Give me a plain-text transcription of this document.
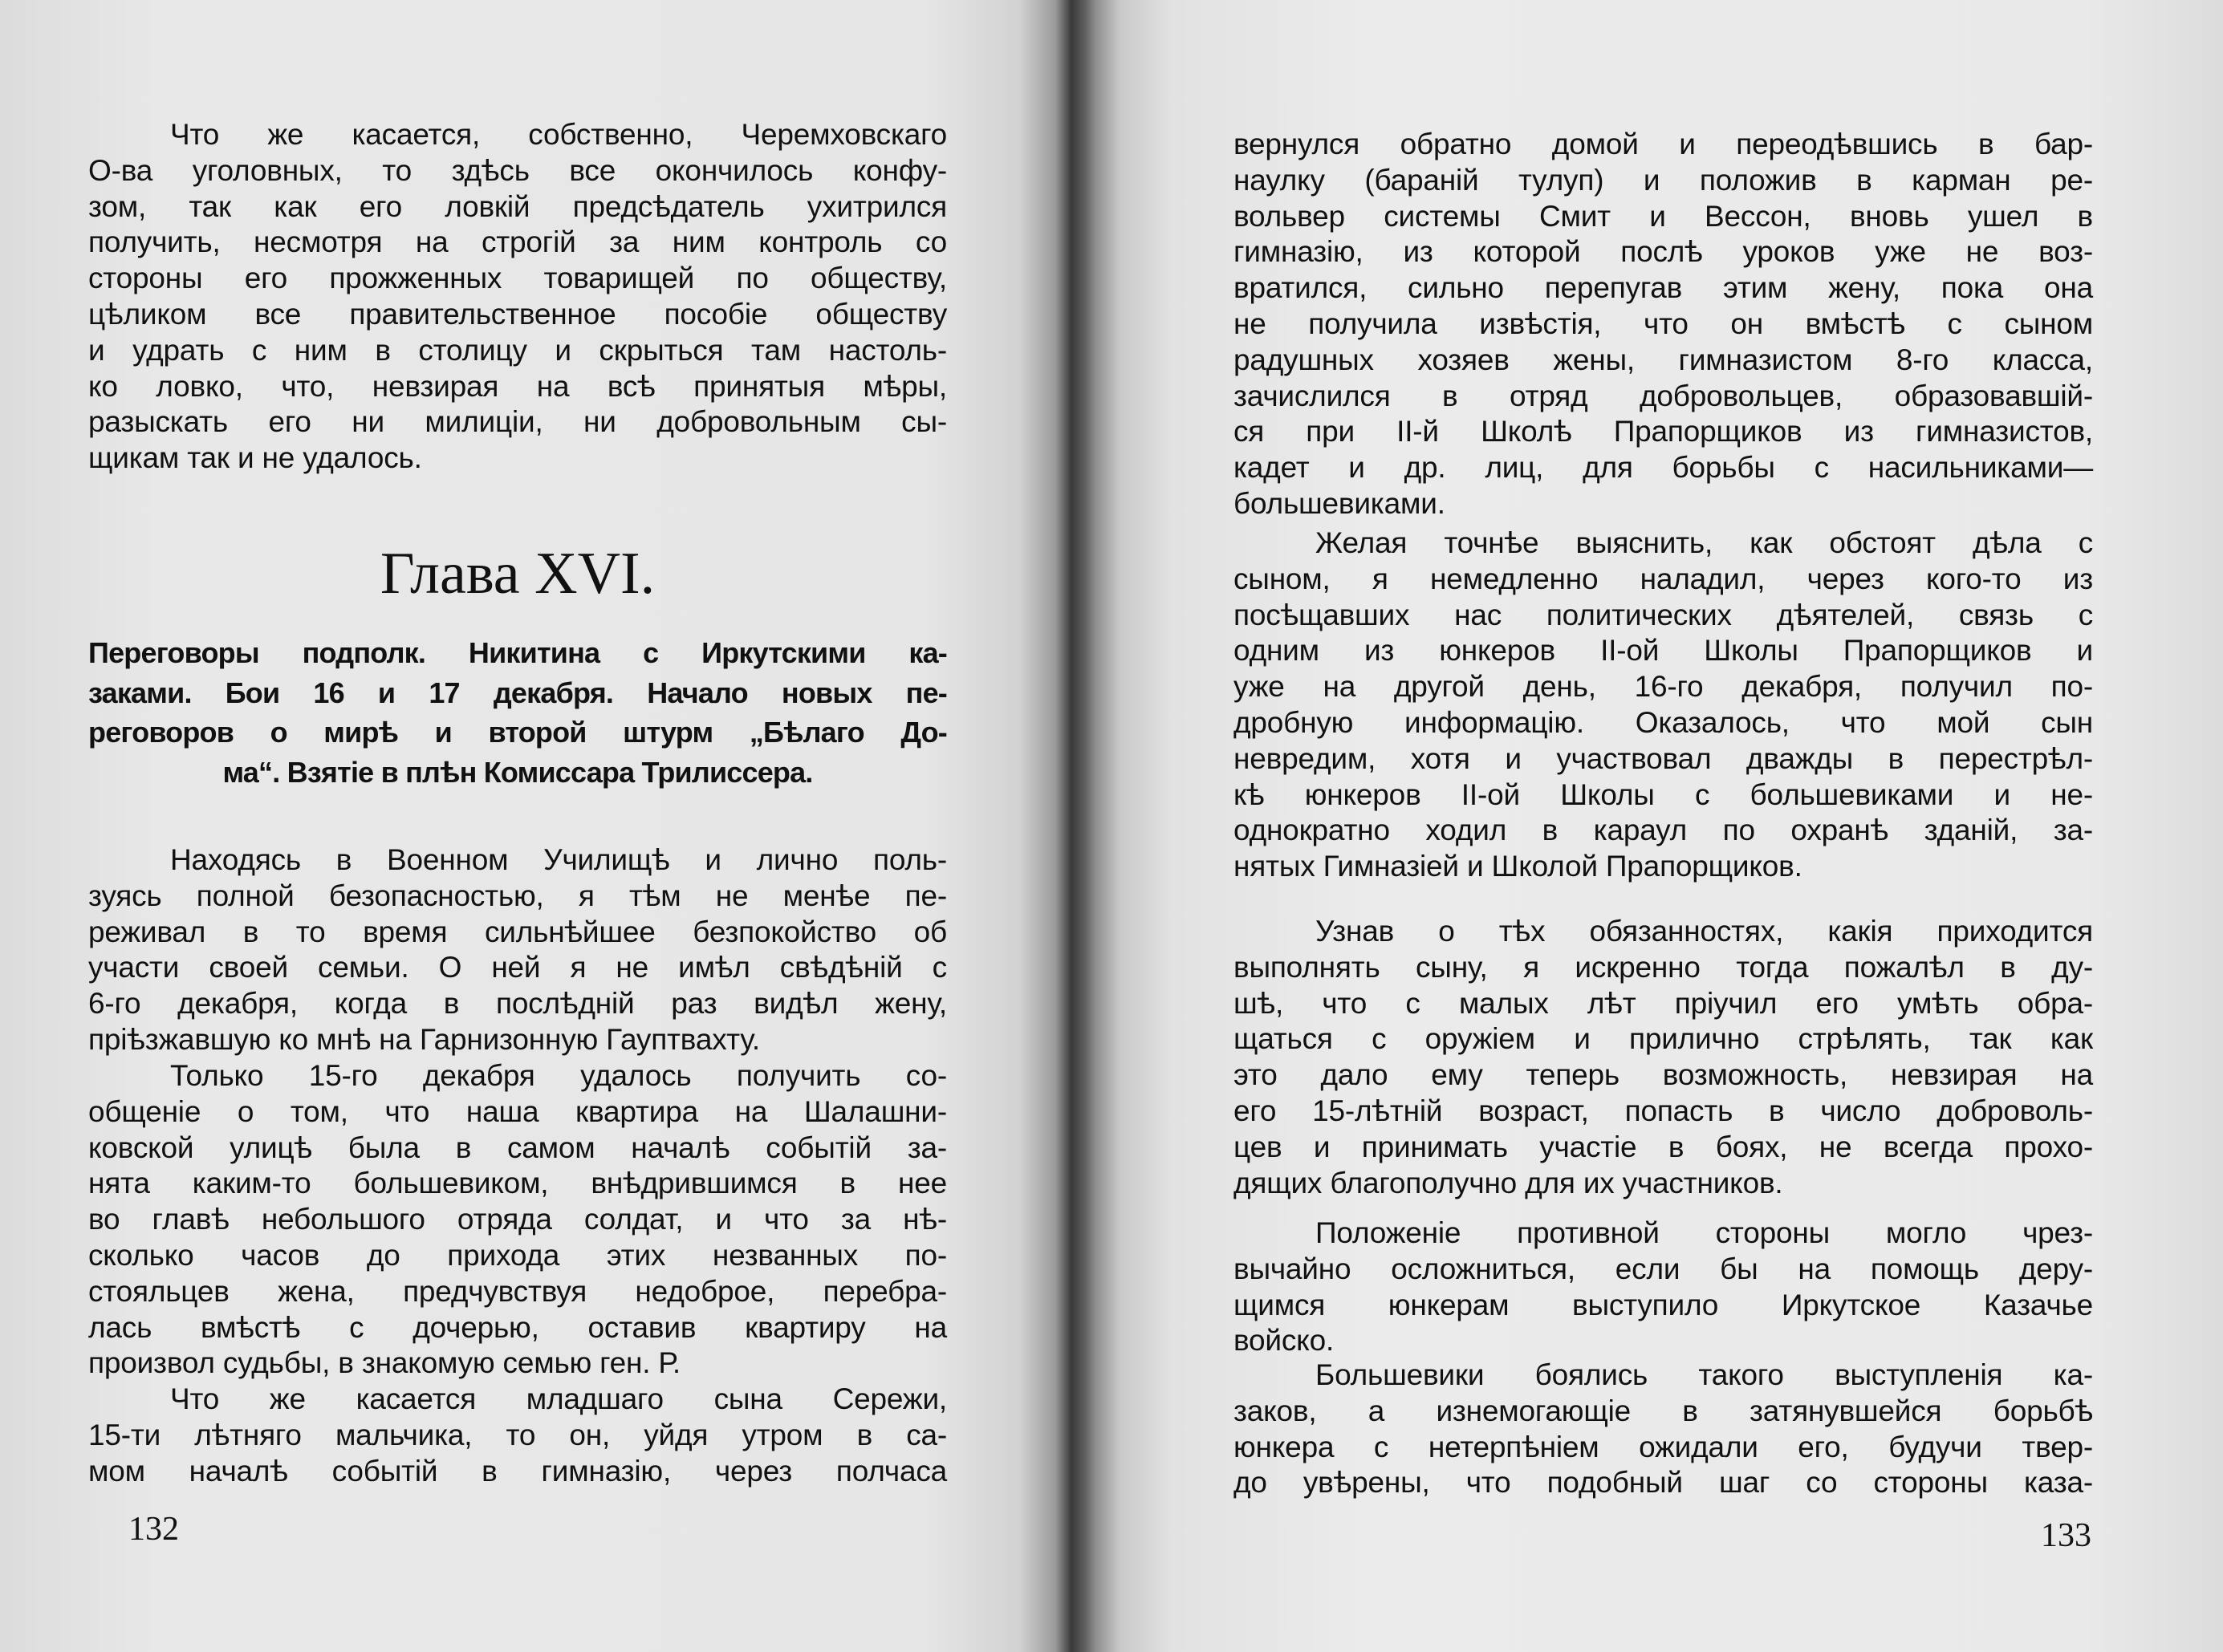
Глава XVI.
Переговоры подполк. Никитина с Иркутскими ка-
заками. Бои 16 и 17 декабря. Начало новых пе-
реговоров о мирѣ и второй штурм „Бѣлаго До-
ма“. Взятiе в плѣн Комиссара Трилиссера.
132	133
Что же касается, собственно, Черемховскаго
О-ва уголовных, то здѣсь все окончилось конфу-
зом, так как его ловкiй предсѣдатель ухитрился
получить, несмотря на строгiй за ним контроль со
стороны его прожженных товарищей по обществу,
цѣликом все правительственное пособiе обществу
и удрать с ним в столицу и скрыться там настоль-
ко ловко, что, невзирая на всѣ принятыя мѣры,
разыскать его ни милицiи, ни добровольным сы-
щикам так и не удалось.
Находясь в Военном Училищѣ и лично поль-
зуясь полной безопасностью, я тѣм не менѣе пе-
реживал в то время сильнѣйшее безпокойство об
участи своей семьи. О ней я не имѣл свѣдѣнiй с
6-го декабря, когда в послѣднiй раз видѣл жену,
прiѣзжавшую ко мнѣ на Гарнизонную Гауптвахту.
Только 15-го декабря удалось получить со-
общенiе о том, что наша квартира на Шалашни-
ковской улицѣ была в самом началѣ событiй за-
нята каким-то большевиком, внѣдрившимся в нее
во главѣ небольшого отряда солдат, и что за нѣ-
сколько часов до прихода этих незванных по-
стояльцев жена, предчувствуя недоброе, перебра-
лась вмѣстѣ с дочерью, оставив квартиру на
произвол судьбы, в знакомую семью ген. Р.
Что же касается младшаго сына Сережи,
15-ти лѣтняго мальчика, то он, уйдя утром в са-
мом началѣ событiй в гимназiю, через полчаса
вернулся обратно домой и переодѣвшись в бар-
наулку (баранiй тулуп) и положив в карман ре-
вольвер системы Смит и Вессон, вновь ушел в
гимназiю, из которой послѣ уроков уже не воз-
вратился, сильно перепугав этим жену, пока она
не получила извѣстiя, что он вмѣстѣ с сыном
радушных хозяев жены, гимназистом 8-го класса,
зачислился в отряд добровольцев, образовавшiй-
ся при II-й Школѣ Прапорщиков из гимназистов,
кадет и др. лиц, для борьбы с насильниками—
большевиками.
Желая точнѣе выяснить, как обстоят дѣла с
сыном, я немедленно наладил, через кого-то из
посѣщавших нас политических дѣятелей, связь с
одним из юнкеров II-ой Школы Прапорщиков и
уже на другой день, 16-го декабря, получил по-
дробную информацiю. Оказалось, что мой сын
невредим, хотя и участвовал дважды в перестрѣл-
кѣ юнкеров II-ой Школы с большевиками и не-
однократно ходил в караул по охранѣ зданiй, за-
нятых Гимназiей и Школой Прапорщиков.
Узнав о тѣх обязанностях, какiя приходится
выполнять сыну, я искренно тогда пожалѣл в ду-
шѣ, что с малых лѣт прiучил его умѣть обра-
щаться с оружiем и прилично стрѣлять, так как
это дало ему теперь возможность, невзирая на
его 15-лѣтнiй возраст, попасть в число доброволь-
цев и принимать участiе в боях, не всегда прохо-
дящих благополучно для их участников.
Положенiе противной стороны могло чрез-
вычайно осложниться, если бы на помощь деру-
щимся юнкерам выступило Иркутское Казачье
войско.
Большевики боялись такого выступленiя ка-
заков, а изнемогающiе в затянувшейся борьбѣ
юнкера с нетерпѣнiем ожидали его, будучи твер-
до увѣрены, что подобный шаг со стороны каза-
